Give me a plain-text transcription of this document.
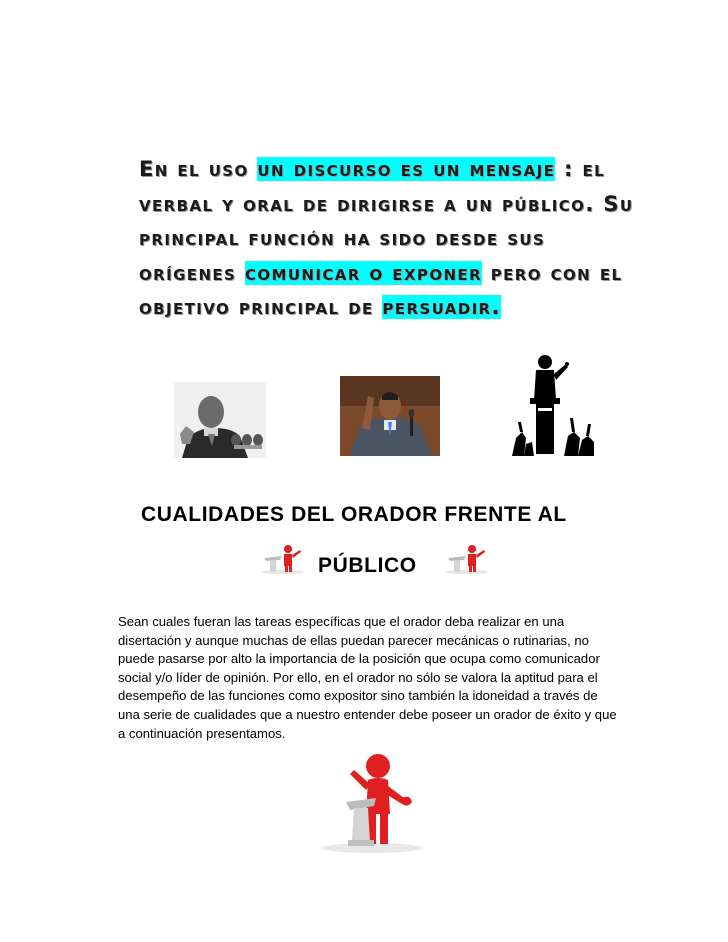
En el uso un discurso es un mensaje : el verbal y oral de dirigirse a un público. Su principal función ha sido desde sus orígenes comunicar o exponer pero con el objetivo principal de persuadir.
CUALIDADES DEL ORADOR FRENTE AL
PÚBLICO

Sean cuales fueran las tareas específicas que el orador deba realizar en una disertación y aunque muchas de ellas puedan parecer mecánicas o rutinarias, no puede pasarse por alto la importancia de la posición que ocupa como comunicador social y/o líder de opinión. Por ello, en el orador no sólo se valora la aptitud para el desempeño de las funciones como expositor sino también la idoneidad a través de una serie de cualidades que a nuestro entender debe poseer un orador de éxito y que a continuación presentamos.
